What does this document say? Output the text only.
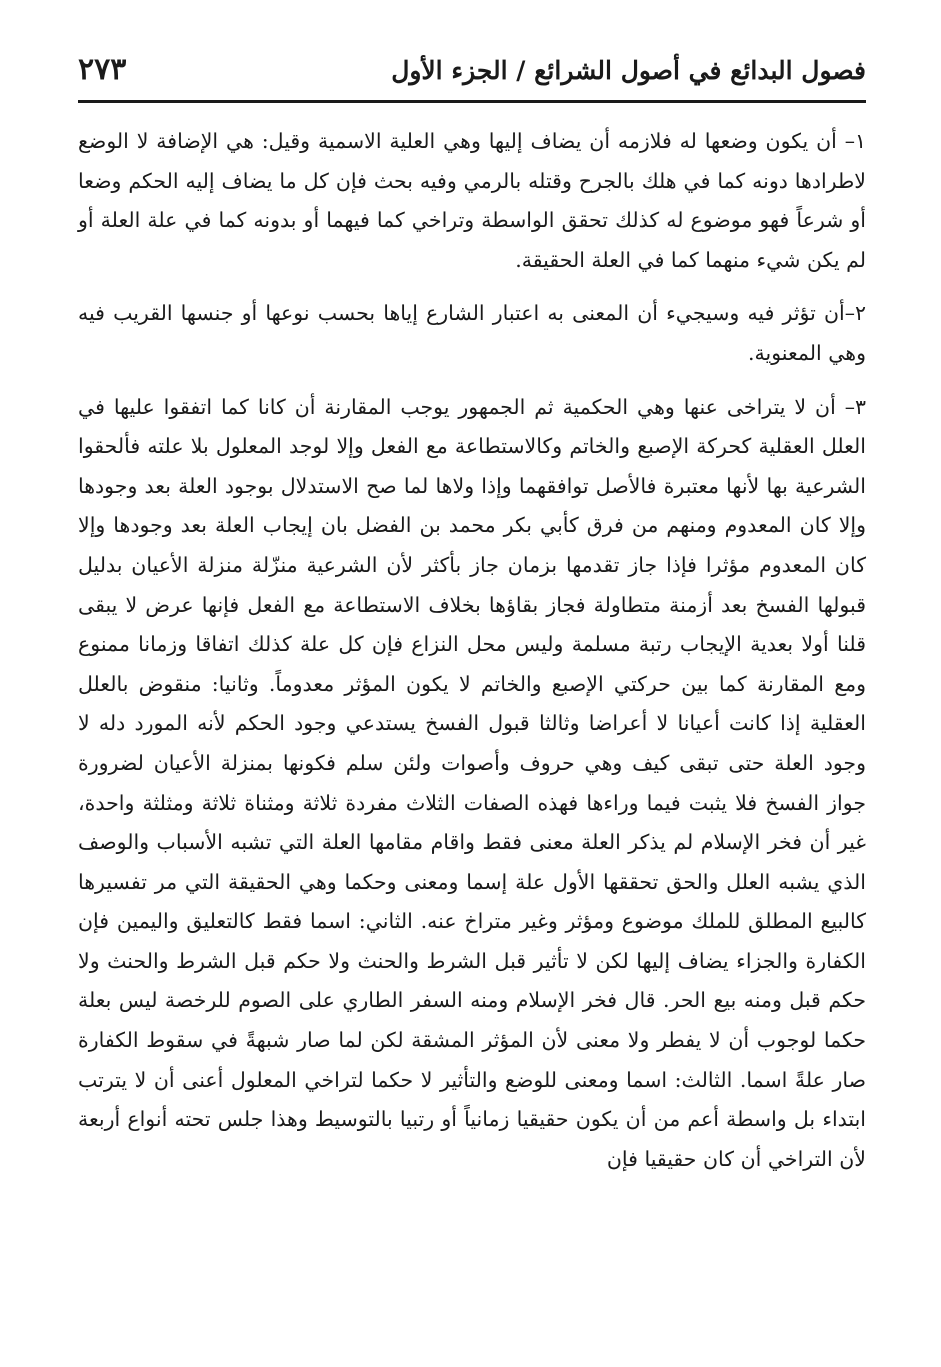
فصول البدائع في أصول الشرائع / الجزء الأول
٢٧٣

١– أن يكون وضعها له فلازمه أن يضاف إليها وهي العلية الاسمية وقيل: هي الإضافة لا الوضع لاطرادها دونه كما في هلك بالجرح وقتله بالرمي وفيه بحث فإن كل ما يضاف إليه الحكم وضعا أو شرعاً فهو موضوع له كذلك تحقق الواسطة وتراخي كما فيهما أو بدونه كما في علة العلة أو لم يكن شيء منهما كما في العلة الحقيقة.

٢–أن تؤثر فيه وسيجيء أن المعنى به اعتبار الشارع إياها بحسب نوعها أو جنسها القريب فيه وهي المعنوية.

٣– أن لا يتراخى عنها وهي الحكمية ثم الجمهور يوجب المقارنة أن كانا كما اتفقوا عليها في العلل العقلية كحركة الإصبع والخاتم وكالاستطاعة مع الفعل وإلا لوجد المعلول بلا علته فألحقوا الشرعية بها لأنها معتبرة فالأصل توافقهما وإذا ولاها لما صح الاستدلال بوجود العلة بعد وجودها وإلا كان المعدوم ومنهم من فرق كأبي بكر محمد بن الفضل بان إيجاب العلة بعد وجودها وإلا كان المعدوم مؤثرا فإذا جاز تقدمها بزمان جاز بأكثر لأن الشرعية منزّلة منزلة الأعيان بدليل قبولها الفسخ بعد أزمنة متطاولة فجاز بقاؤها بخلاف الاستطاعة مع الفعل فإنها عرض لا يبقى قلنا أولا بعدية الإيجاب رتبة مسلمة وليس محل النزاع فإن كل علة كذلك اتفاقا وزمانا ممنوع ومع المقارنة كما بين حركتي الإصبع والخاتم لا يكون المؤثر معدوماً. وثانيا: منقوض بالعلل العقلية إذا كانت أعيانا لا أعراضا وثالثا قبول الفسخ يستدعي وجود الحكم لأنه المورد دله لا وجود العلة حتى تبقى كيف وهي حروف وأصوات ولئن سلم فكونها بمنزلة الأعيان لضرورة جواز الفسخ فلا يثبت فيما وراءها فهذه الصفات الثلاث مفردة ثلاثة ومثناة ثلاثة ومثلثة واحدة، غير أن فخر الإسلام لم يذكر العلة معنى فقط واقام مقامها العلة التي تشبه الأسباب والوصف الذي يشبه العلل والحق تحققها الأول علة إسما ومعنى وحكما وهي الحقيقة التي مر تفسيرها كالبيع المطلق للملك موضوع ومؤثر وغير متراخ عنه. الثاني: اسما فقط كالتعليق واليمين فإن الكفارة والجزاء يضاف إليها لكن لا تأثير قبل الشرط والحنث ولا حكم قبل الشرط والحنث ولا حكم قبل ومنه بيع الحر. قال فخر الإسلام ومنه السفر الطاري على الصوم للرخصة ليس بعلة حكما لوجوب أن لا يفطر ولا معنى لأن المؤثر المشقة لكن لما صار شبهةً في سقوط الكفارة صار علةً اسما. الثالث: اسما ومعنى للوضع والتأثير لا حكما لتراخي المعلول أعنى أن لا يترتب ابتداء بل واسطة أعم من أن يكون حقيقيا زمانياً أو رتبيا بالتوسيط وهذا جلس تحته أنواع أربعة لأن التراخي أن كان حقيقيا فإن
